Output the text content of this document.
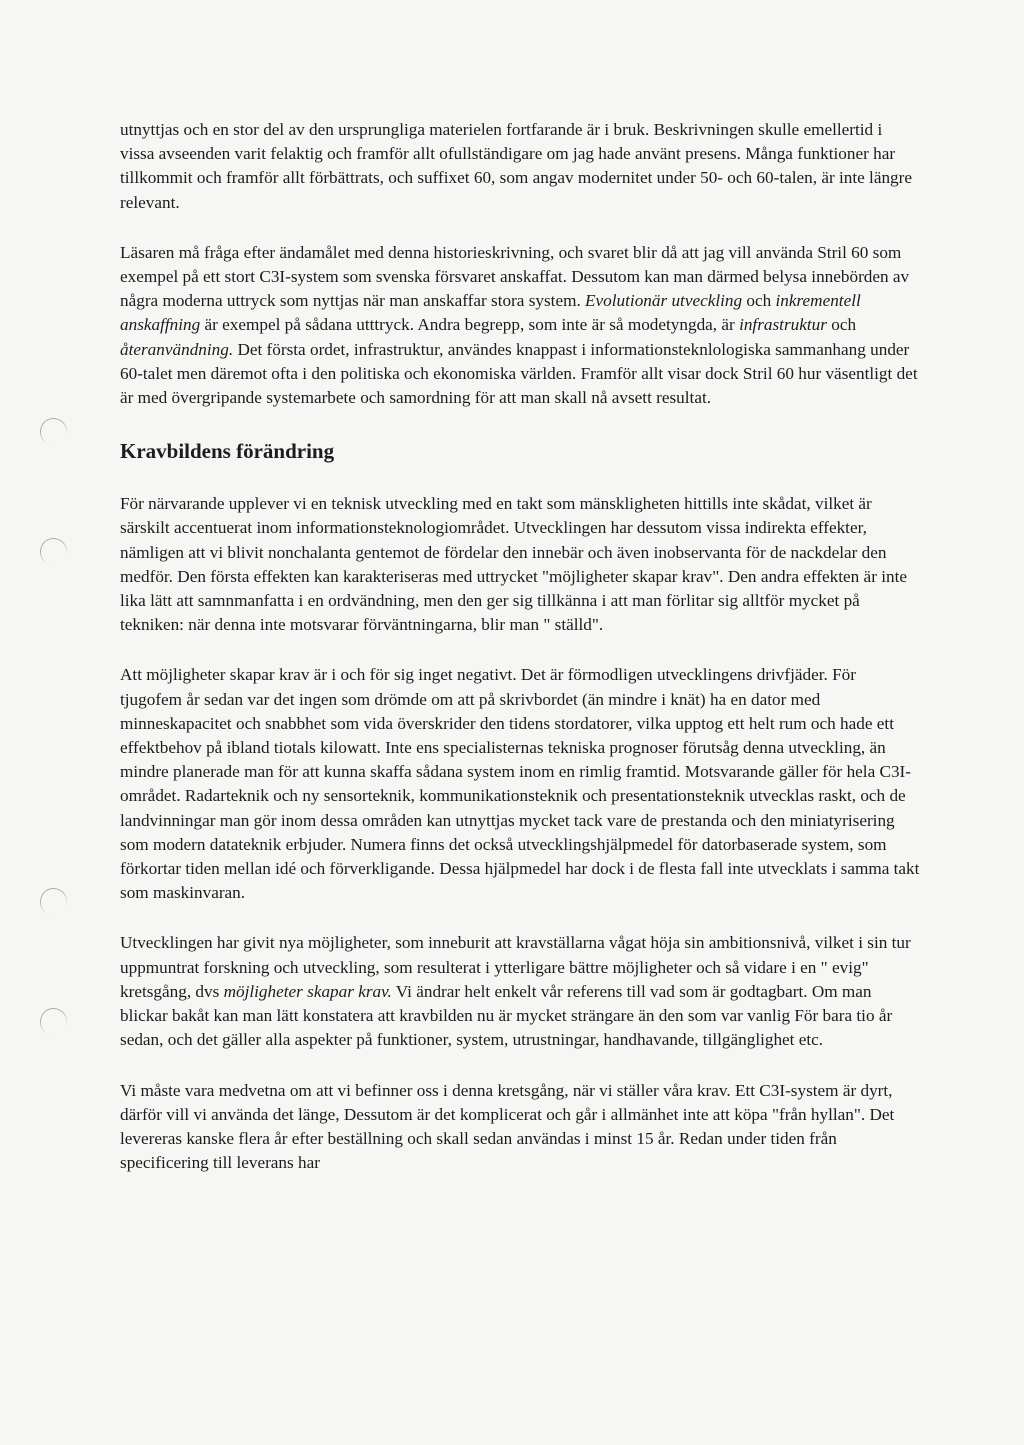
utnyttjas och en stor del av den ursprungliga materielen fortfarande är i bruk. Beskrivningen skulle emellertid i vissa avseenden varit felaktig och framför allt ofullständigare om jag hade använt presens. Många funktioner har tillkommit och framför allt förbättrats, och suffixet 60, som angav modernitet under 50- och 60-talen, är inte längre relevant.

Läsaren må fråga efter ändamålet med denna historieskrivning, och svaret blir då att jag vill använda Stril 60 som exempel på ett stort C3I-system som svenska försvaret anskaffat. Dessutom kan man därmed belysa innebörden av några moderna uttryck som nyttjas när man anskaffar stora system. Evolutionär utveckling och inkrementell anskaffning är exempel på sådana utttryck. Andra begrepp, som inte är så modetyngda, är infrastruktur och återanvändning. Det första ordet, infrastruktur, användes knappast i informationsteknlologiska sammanhang under 60-talet men däremot ofta i den politiska och ekonomiska världen. Framför allt visar dock Stril 60 hur väsentligt det är med övergripande systemarbete och samordning för att man skall nå avsett resultat.

Kravbildens förändring

För närvarande upplever vi en teknisk utveckling med en takt som mänskligheten hittills inte skådat, vilket är särskilt accentuerat inom informationsteknologiområdet. Utvecklingen har dessutom vissa indirekta effekter, nämligen att vi blivit nonchalanta gentemot de fördelar den innebär och även inobservanta för de nackdelar den medför. Den första effekten kan karakteriseras med uttrycket "möjligheter skapar krav". Den andra effekten är inte lika lätt att samnmanfatta i en ordvändning, men den ger sig tillkänna i att man förlitar sig alltför mycket på tekniken: när denna inte motsvarar förväntningarna, blir man " ställd".

Att möjligheter skapar krav är i och för sig inget negativt. Det är förmodligen utvecklingens drivfjäder. För tjugofem år sedan var det ingen som drömde om att på skrivbordet (än mindre i knät) ha en dator med minneskapacitet och snabbhet som vida överskrider den tidens stordatorer, vilka upptog ett helt rum och hade ett effektbehov på ibland tiotals kilowatt. Inte ens specialisternas tekniska prognoser förutsåg denna utveckling, än mindre planerade man för att kunna skaffa sådana system inom en rimlig framtid. Motsvarande gäller för hela C3I-området. Radarteknik och ny sensorteknik, kommunikationsteknik och presentationsteknik utvecklas raskt, och de landvinningar man gör inom dessa områden kan utnyttjas mycket tack vare de prestanda och den miniatyrisering som modern datateknik erbjuder. Numera finns det också utvecklingshjälpmedel för datorbaserade system, som förkortar tiden mellan idé och förverkligande. Dessa hjälpmedel har dock i de flesta fall inte utvecklats i samma takt som maskinvaran.

Utvecklingen har givit nya möjligheter, som inneburit att kravställarna vågat höja sin ambitionsnivå, vilket i sin tur uppmuntrat forskning och utveckling, som resulterat i ytterligare bättre möjligheter och så vidare i en " evig" kretsgång, dvs möjligheter skapar krav. Vi ändrar helt enkelt vår referens till vad som är godtagbart. Om man blickar bakåt kan man lätt konstatera att kravbilden nu är mycket strängare än den som var vanlig För bara tio år sedan, och det gäller alla aspekter på funktioner, system, utrustningar, handhavande, tillgänglighet etc.

Vi måste vara medvetna om att vi befinner oss i denna kretsgång, när vi ställer våra krav. Ett C3I-system är dyrt, därför vill vi använda det länge, Dessutom är det komplicerat och går i allmänhet inte att köpa "från hyllan". Det levereras kanske flera år efter beställning och skall sedan användas i minst 15 år. Redan under tiden från specificering till leverans har
